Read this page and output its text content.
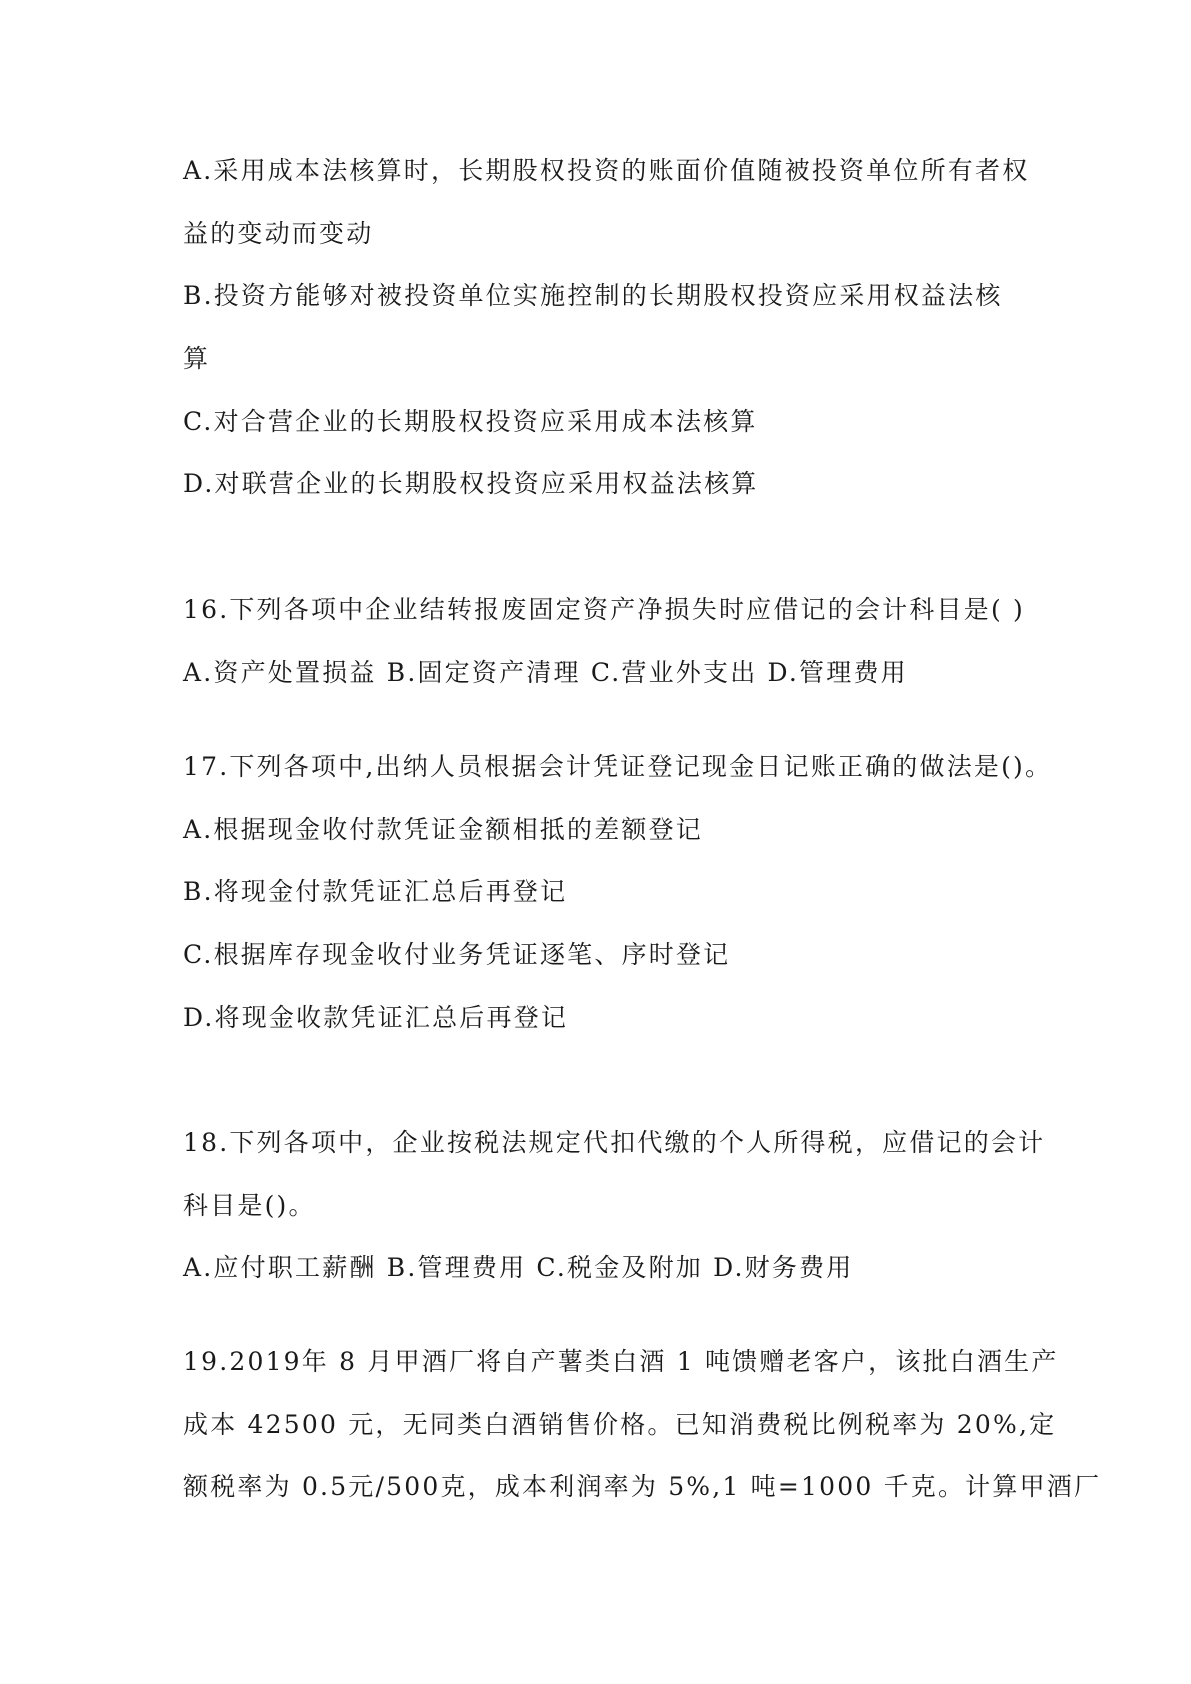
A.采用成本法核算时，长期股权投资的账面价值随被投资单位所有者权
益的变动而变动
B.投资方能够对被投资单位实施控制的长期股权投资应采用权益法核
算
C.对合营企业的长期股权投资应采用成本法核算
D.对联营企业的长期股权投资应采用权益法核算
16.下列各项中企业结转报废固定资产净损失时应借记的会计科目是( )
A.资产处置损益 B.固定资产清理 C.营业外支出 D.管理费用
17.下列各项中,出纳人员根据会计凭证登记现金日记账正确的做法是()。
A.根据现金收付款凭证金额相抵的差额登记
B.将现金付款凭证汇总后再登记
C.根据库存现金收付业务凭证逐笔、序时登记
D.将现金收款凭证汇总后再登记
18.下列各项中，企业按税法规定代扣代缴的个人所得税，应借记的会计
科目是()。
A.应付职工薪酬 B.管理费用 C.税金及附加 D.财务费用
19.2019年 8 月甲酒厂将自产薯类白酒 1 吨馈赠老客户，该批白酒生产
成本 42500 元，无同类白酒销售价格。已知消费税比例税率为 20%,定
额税率为 0.5元/500克，成本利润率为 5%,1 吨=1000 千克。计算甲酒厂
